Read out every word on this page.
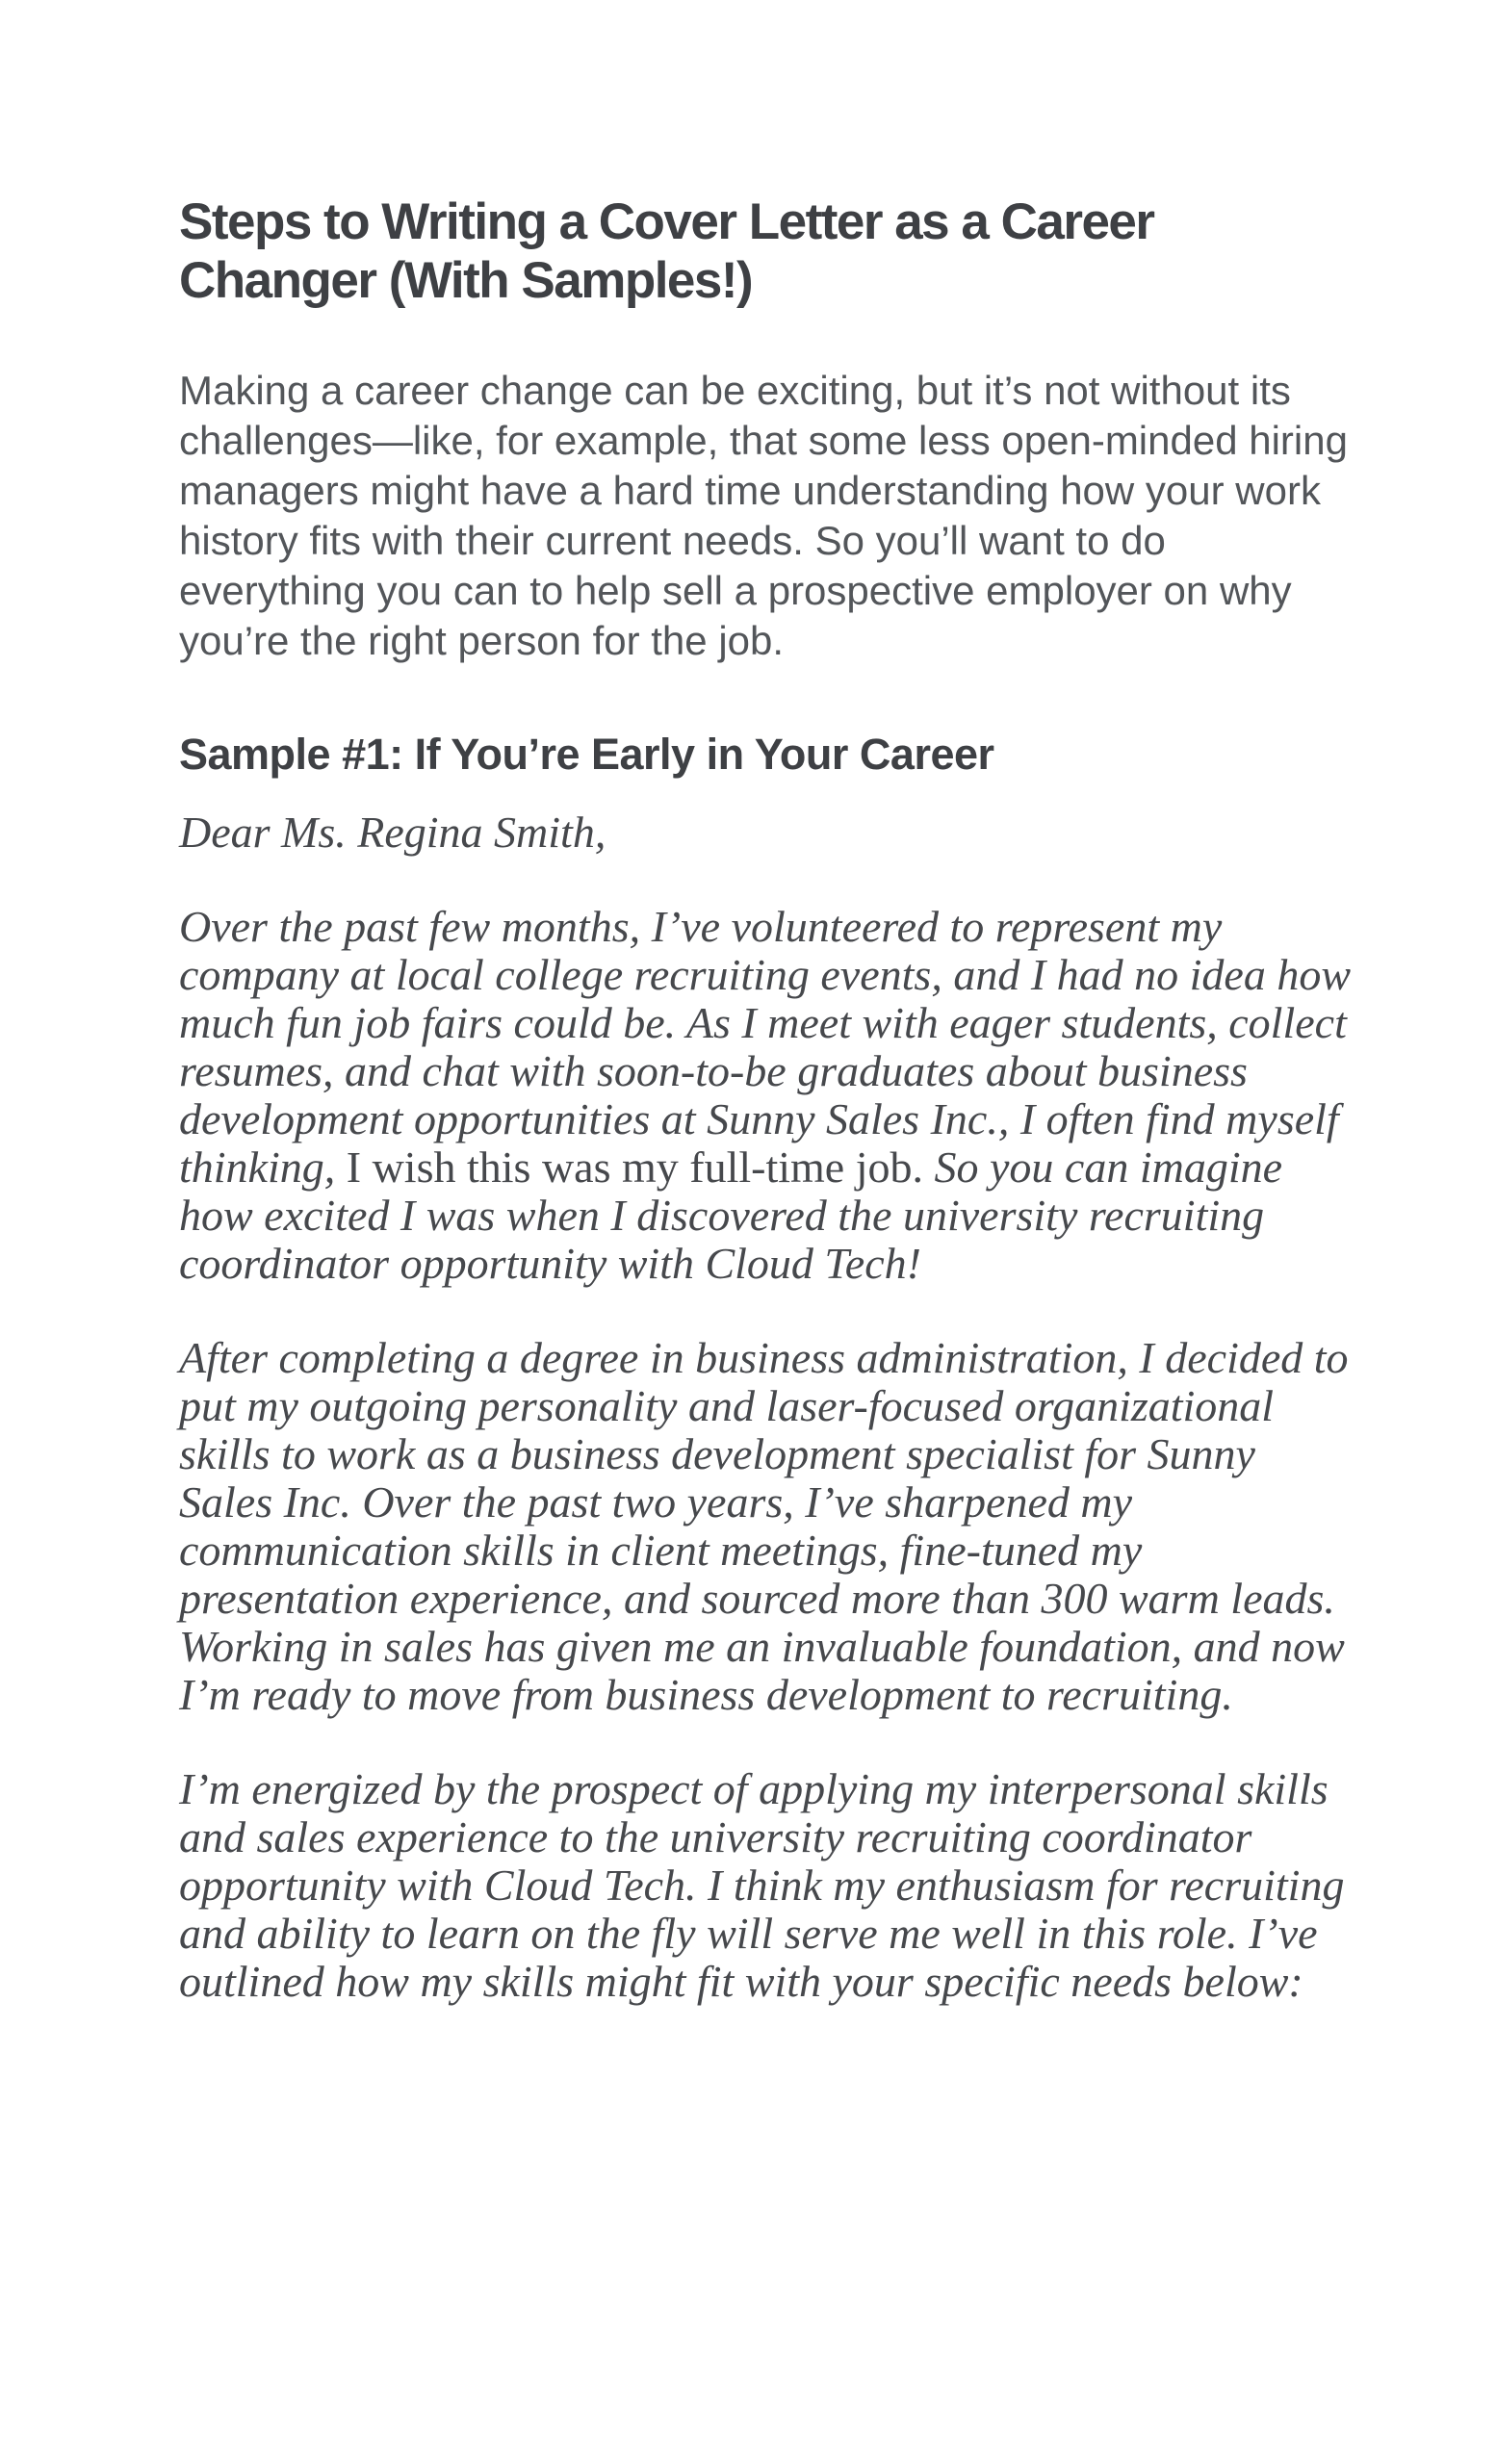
Steps to Writing a Cover Letter as a Career Changer (With Samples!)

Making a career change can be exciting, but it’s not without its challenges—like, for example, that some less open-minded hiring managers might have a hard time understanding how your work history fits with their current needs. So you’ll want to do everything you can to help sell a prospective employer on why you’re the right person for the job.

Sample #1: If You’re Early in Your Career

Dear Ms. Regina Smith,

Over the past few months, I’ve volunteered to represent my company at local college recruiting events, and I had no idea how much fun job fairs could be. As I meet with eager students, collect resumes, and chat with soon-to-be graduates about business development opportunities at Sunny Sales Inc., I often find myself thinking, I wish this was my full-time job. So you can imagine how excited I was when I discovered the university recruiting coordinator opportunity with Cloud Tech!

After completing a degree in business administration, I decided to put my outgoing personality and laser-focused organizational skills to work as a business development specialist for Sunny Sales Inc. Over the past two years, I’ve sharpened my communication skills in client meetings, fine-tuned my presentation experience, and sourced more than 300 warm leads. Working in sales has given me an invaluable foundation, and now I’m ready to move from business development to recruiting.

I’m energized by the prospect of applying my interpersonal skills and sales experience to the university recruiting coordinator opportunity with Cloud Tech. I think my enthusiasm for recruiting and ability to learn on the fly will serve me well in this role. I’ve outlined how my skills might fit with your specific needs below:
